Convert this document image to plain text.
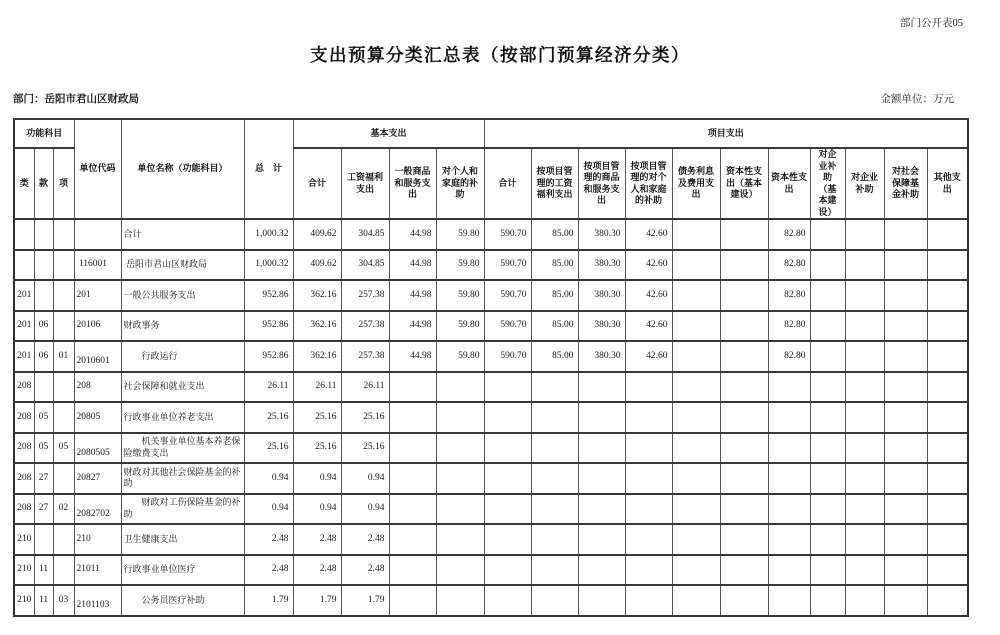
部门公开表05
支出预算分类汇总表（按部门预算经济分类）
部门：岳阳市君山区财政局	金额单位：万元
功能科目			单位代码	单位名称（功能科目）	总　计	基本支出				项目支出										
类	款	项				合计	工资福利支出	一般商品和服务支出	对个人和家庭的补助	合计	按项目管理的工资福利支出	按项目管理的商品和服务支出	按项目管理的对个人和家庭的补助	债务利息及费用支出	资本性支出（基本建设）	资本性支出	对企业补助（基本建设）	对企业补助	对社会保障基金补助	其他支出
				合计	1,000.32	409.62	304.85	44.98	59.80	590.70	85.00	380.30	42.60			82.80				
			116001	岳阳市君山区财政局	1,000.32	409.62	304.85	44.98	59.80	590.70	85.00	380.30	42.60			82.80				
201			201	一般公共服务支出	952.86	362.16	257.38	44.98	59.80	590.70	85.00	380.30	42.60			82.80				
201	06		20106	财政事务	952.86	362.16	257.38	44.98	59.80	590.70	85.00	380.30	42.60			82.80				
201	06	01	2010601	　　行政运行	952.86	362.16	257.38	44.98	59.80	590.70	85.00	380.30	42.60			82.80				
208			208	社会保障和就业支出	26.11	26.11	26.11													
208	05		20805	行政事业单位养老支出	25.16	25.16	25.16													
208	05	05	2080505	　　机关事业单位基本养老保险缴费支出	25.16	25.16	25.16													
208	27		20827	财政对其他社会保险基金的补助	0.94	0.94	0.94													
208	27	02	2082702	　　财政对工伤保险基金的补助	0.94	0.94	0.94													
210			210	卫生健康支出	2.48	2.48	2.48													
210	11		21011	行政事业单位医疗	2.48	2.48	2.48													
210	11	03	2101103	　　公务员医疗补助	1.79	1.79	1.79													
